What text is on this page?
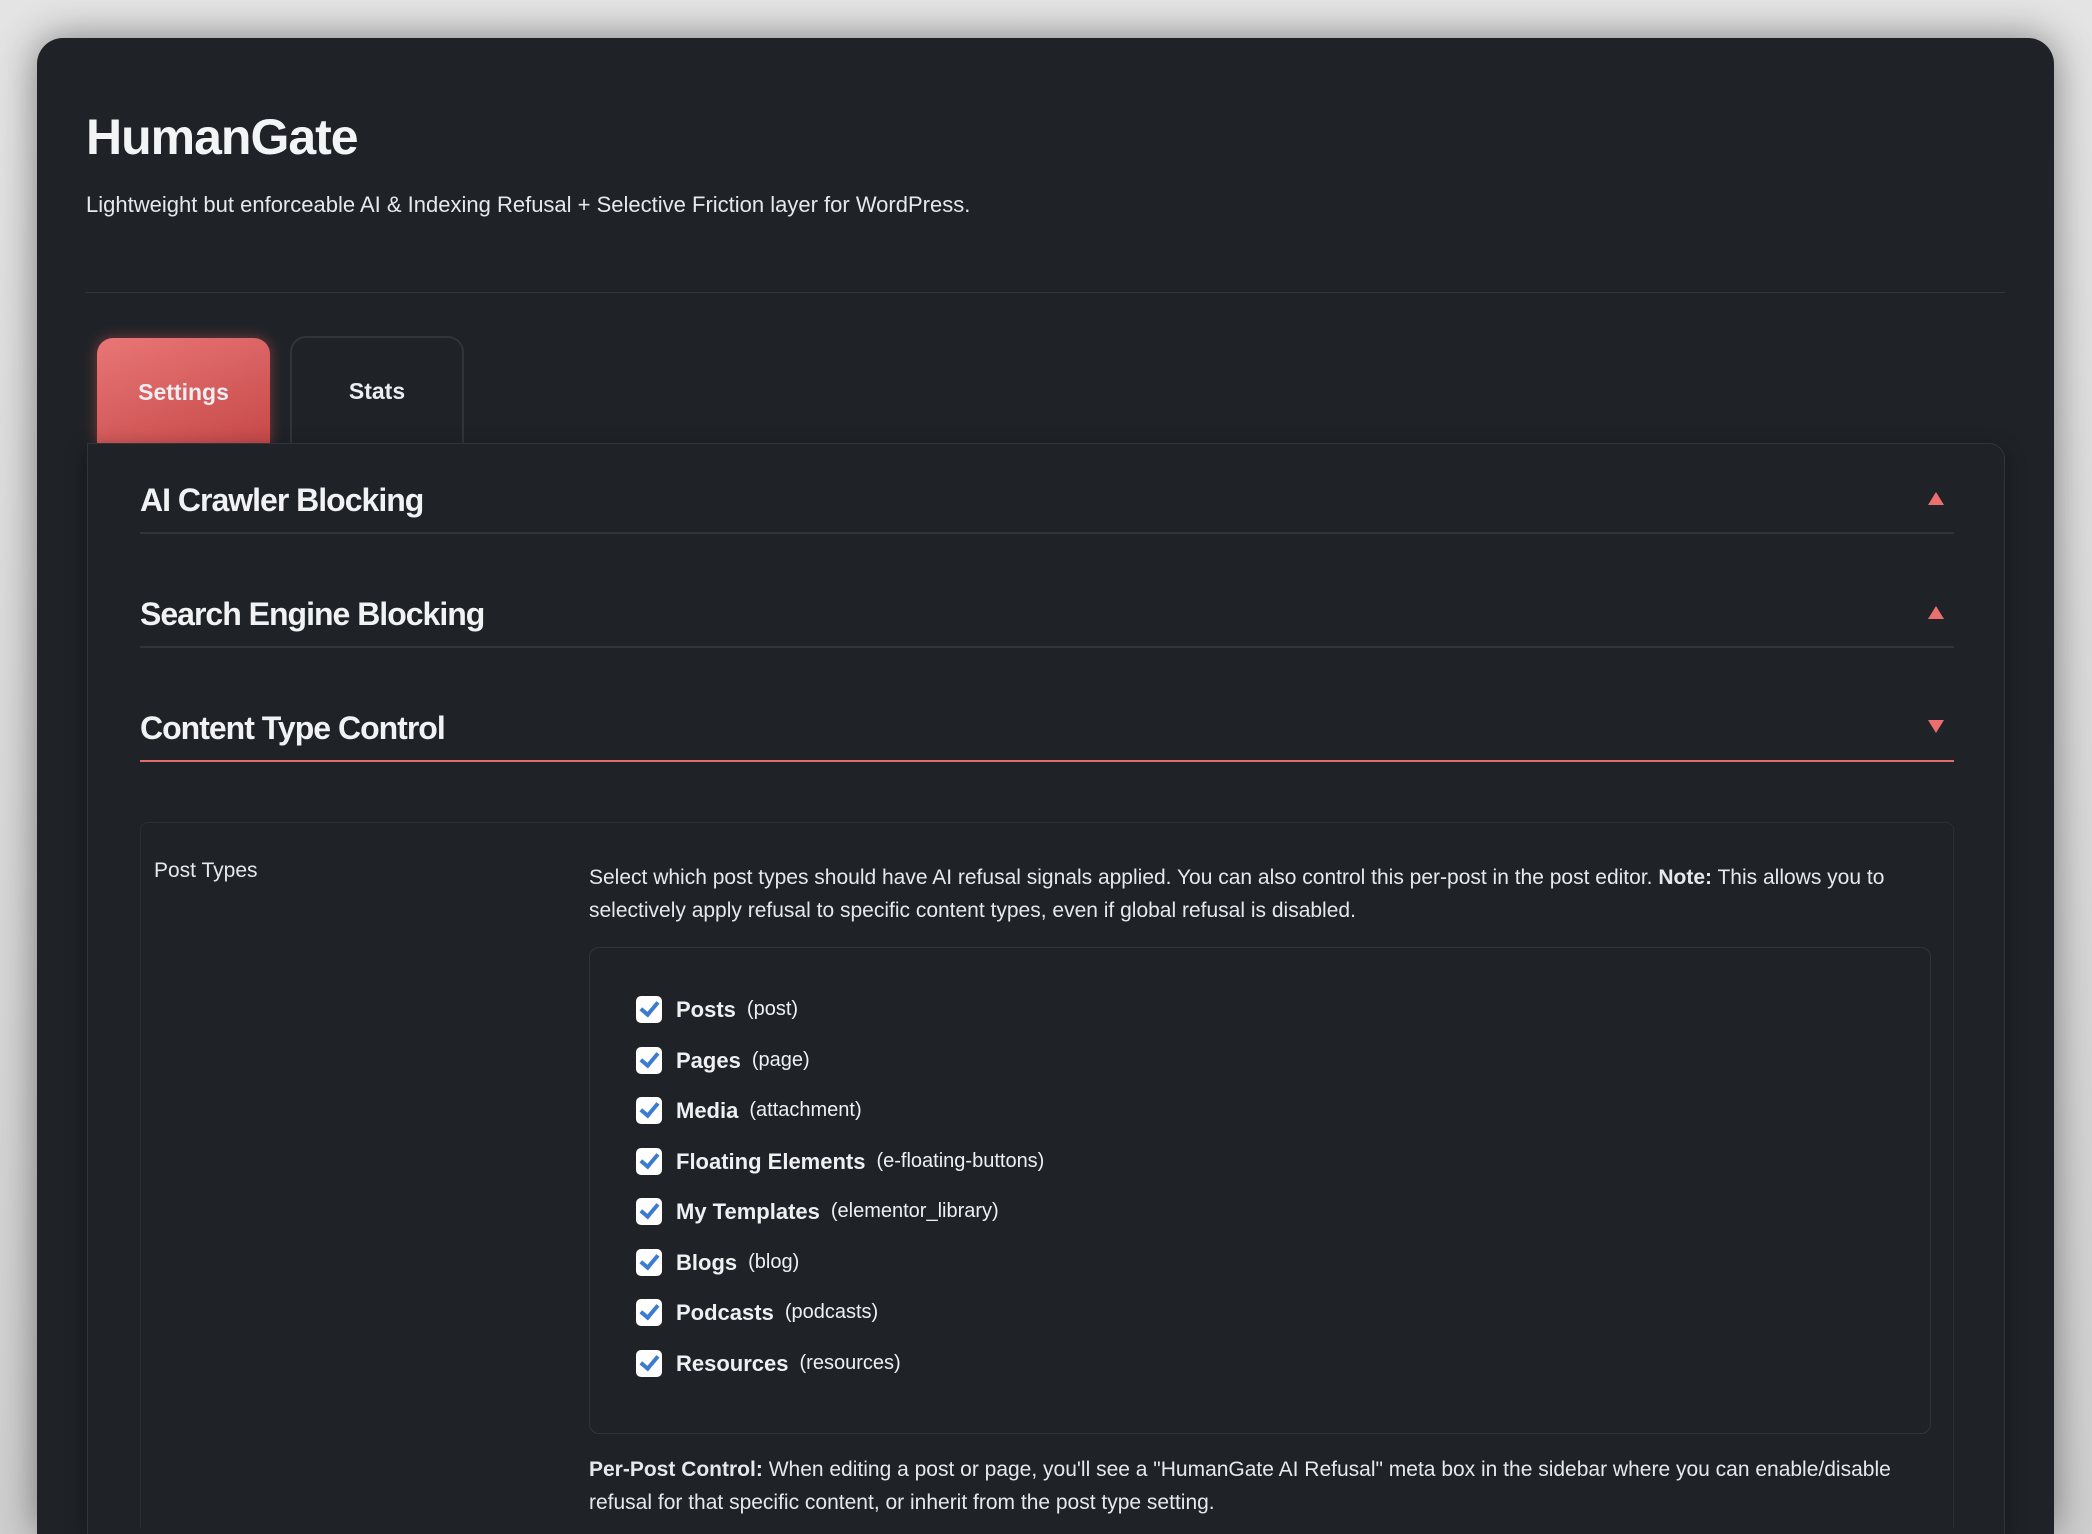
HumanGate
Lightweight but enforceable AI & Indexing Refusal + Selective Friction layer for WordPress.
Settings	Stats
AI Crawler Blocking
Search Engine Blocking
Content Type Control
Post Types	Select which post types should have AI refusal signals applied. You can also control this per-post in the post editor. Note: This allows you to selectively apply refusal to specific content types, even if global refusal is disabled.
Posts (post)
Pages (page)
Media (attachment)
Floating Elements (e-floating-buttons)
My Templates (elementor_library)
Blogs (blog)
Podcasts (podcasts)
Resources (resources)
Per-Post Control: When editing a post or page, you'll see a "HumanGate AI Refusal" meta box in the sidebar where you can enable/disable refusal for that specific content, or inherit from the post type setting.
